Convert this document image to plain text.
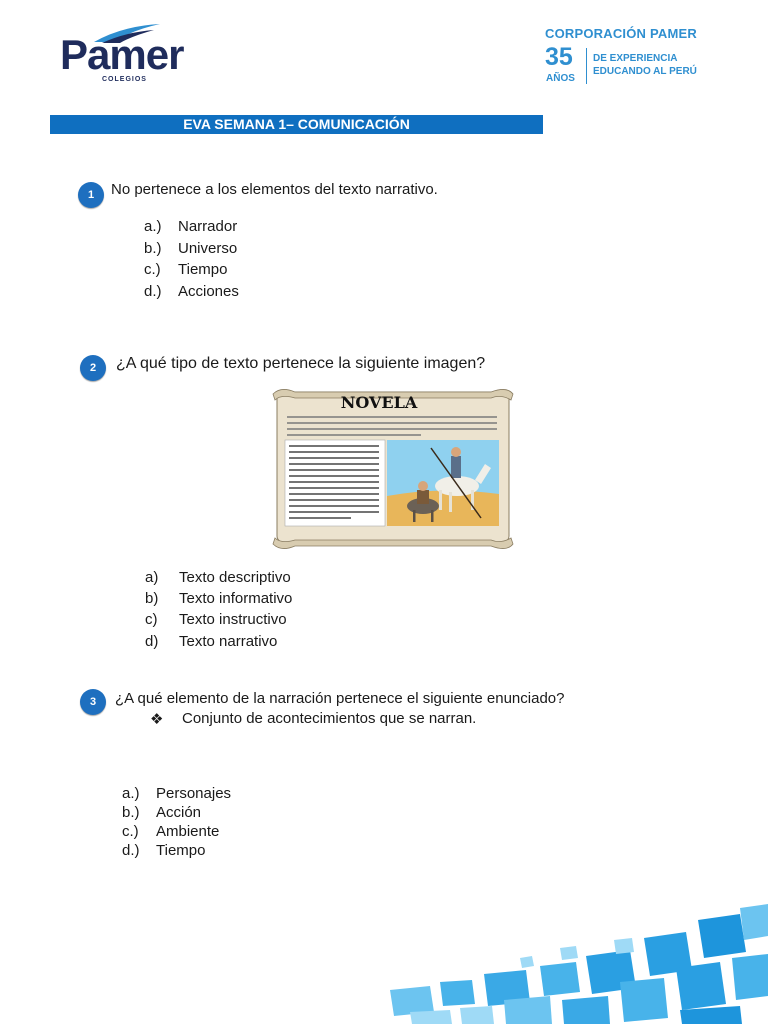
Pamer
COLEGIOS
CORPORACIÓN PAMER
35
AÑOS
DE EXPERIENCIA
EDUCANDO AL PERÚ
EVA SEMANA 1– COMUNICACIÓN
1	No pertenece a los elementos del texto narrativo.
a.) Narrador
b.) Universo
c.) Tiempo
d.) Acciones
2	¿A qué tipo de texto pertenece la siguiente imagen?
NOVELA
a) Texto descriptivo
b) Texto informativo
c) Texto instructivo
d) Texto narrativo
3	¿A qué elemento de la narración pertenece el siguiente enunciado?
❖ Conjunto de acontecimientos que se narran.
a.) Personajes
b.) Acción
c.) Ambiente
d.) Tiempo
